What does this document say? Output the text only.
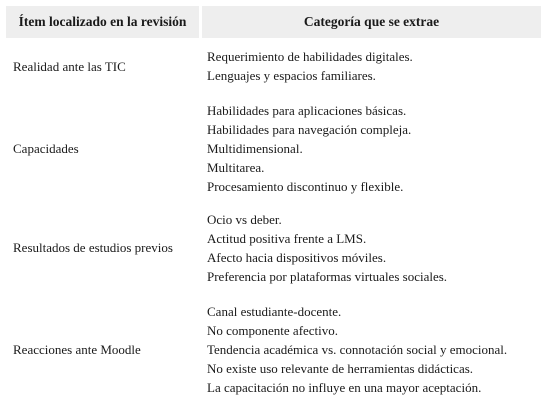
Ítem localizado en la revisión	Categoría que se extrae
Realidad ante las TIC
Requerimiento de habilidades digitales.
Lenguajes y espacios familiares.
Capacidades
Habilidades para aplicaciones básicas.
Habilidades para navegación compleja.
Multidimensional.
Multitarea.
Procesamiento discontinuo y flexible.
Resultados de estudios previos
Ocio vs deber.
Actitud positiva frente a LMS.
Afecto hacia dispositivos móviles.
Preferencia por plataformas virtuales sociales.
Reacciones ante Moodle
Canal estudiante-docente.
No componente afectivo.
Tendencia académica vs. connotación social y emocional.
No existe uso relevante de herramientas didácticas.
La capacitación no influye en una mayor aceptación.
